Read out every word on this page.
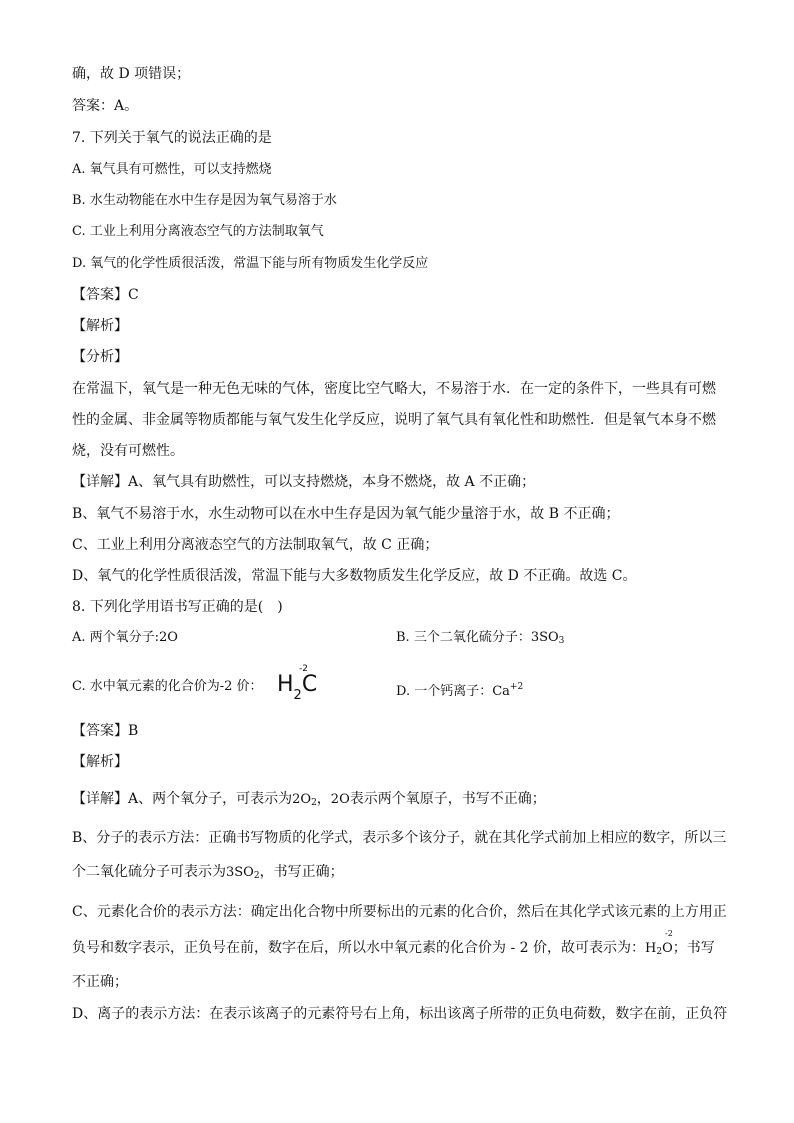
确，故 D 项错误；
答案：A。
7. 下列关于氧气的说法正确的是
A. 氧气具有可燃性，可以支持燃烧
B. 水生动物能在水中生存是因为氧气易溶于水
C. 工业上利用分离液态空气的方法制取氧气
D. 氧气的化学性质很活泼，常温下能与所有物质发生化学反应
【答案】C
【解析】
【分析】
在常温下，氧气是一种无色无味的气体，密度比空气略大，不易溶于水．在一定的条件下，一些具有可燃
性的金属、非金属等物质都能与氧气发生化学反应，说明了氧气具有氧化性和助燃性．但是氧气本身不燃
烧，没有可燃性。
【详解】A、氧气具有助燃性，可以支持燃烧，本身不燃烧，故 A 不正确；
B、氧气不易溶于水，水生动物可以在水中生存是因为氧气能少量溶于水，故 B 不正确；
C、工业上利用分离液态空气的方法制取氧气，故 C 正确；
D、氧气的化学性质很活泼，常温下能与大多数物质发生化学反应，故 D 不正确。故选 C。
8. 下列化学用语书写正确的是(　)
A. 两个氧分子:2O	B. 三个二氧化硫分子：$3SO_3$
C. 水中氧元素的化合价为-2 价：
-2
$H_2C$	D. 一个钙离子：$Ca^{+2}$
【答案】B
【解析】
【详解】A、两个氧分子，可表示为$2O_2$，2O表示两个氧原子，书写不正确；
B、分子的表示方法：正确书写物质的化学式，表示多个该分子，就在其化学式前加上相应的数字，所以三
个二氧化硫分子可表示为$3SO_2$，书写正确；
C、元素化合价的表示方法：确定出化合物中所要标出的元素的化合价，然后在其化学式该元素的上方用正
负号和数字表示，正负号在前，数字在后，所以水中氧元素的化合价为 - 2 价，故可表示为：$H_2O$
-2
；书写
不正确；
D、离子的表示方法：在表示该离子的元素符号右上角，标出该离子所带的正负电荷数，数字在前，正负符
